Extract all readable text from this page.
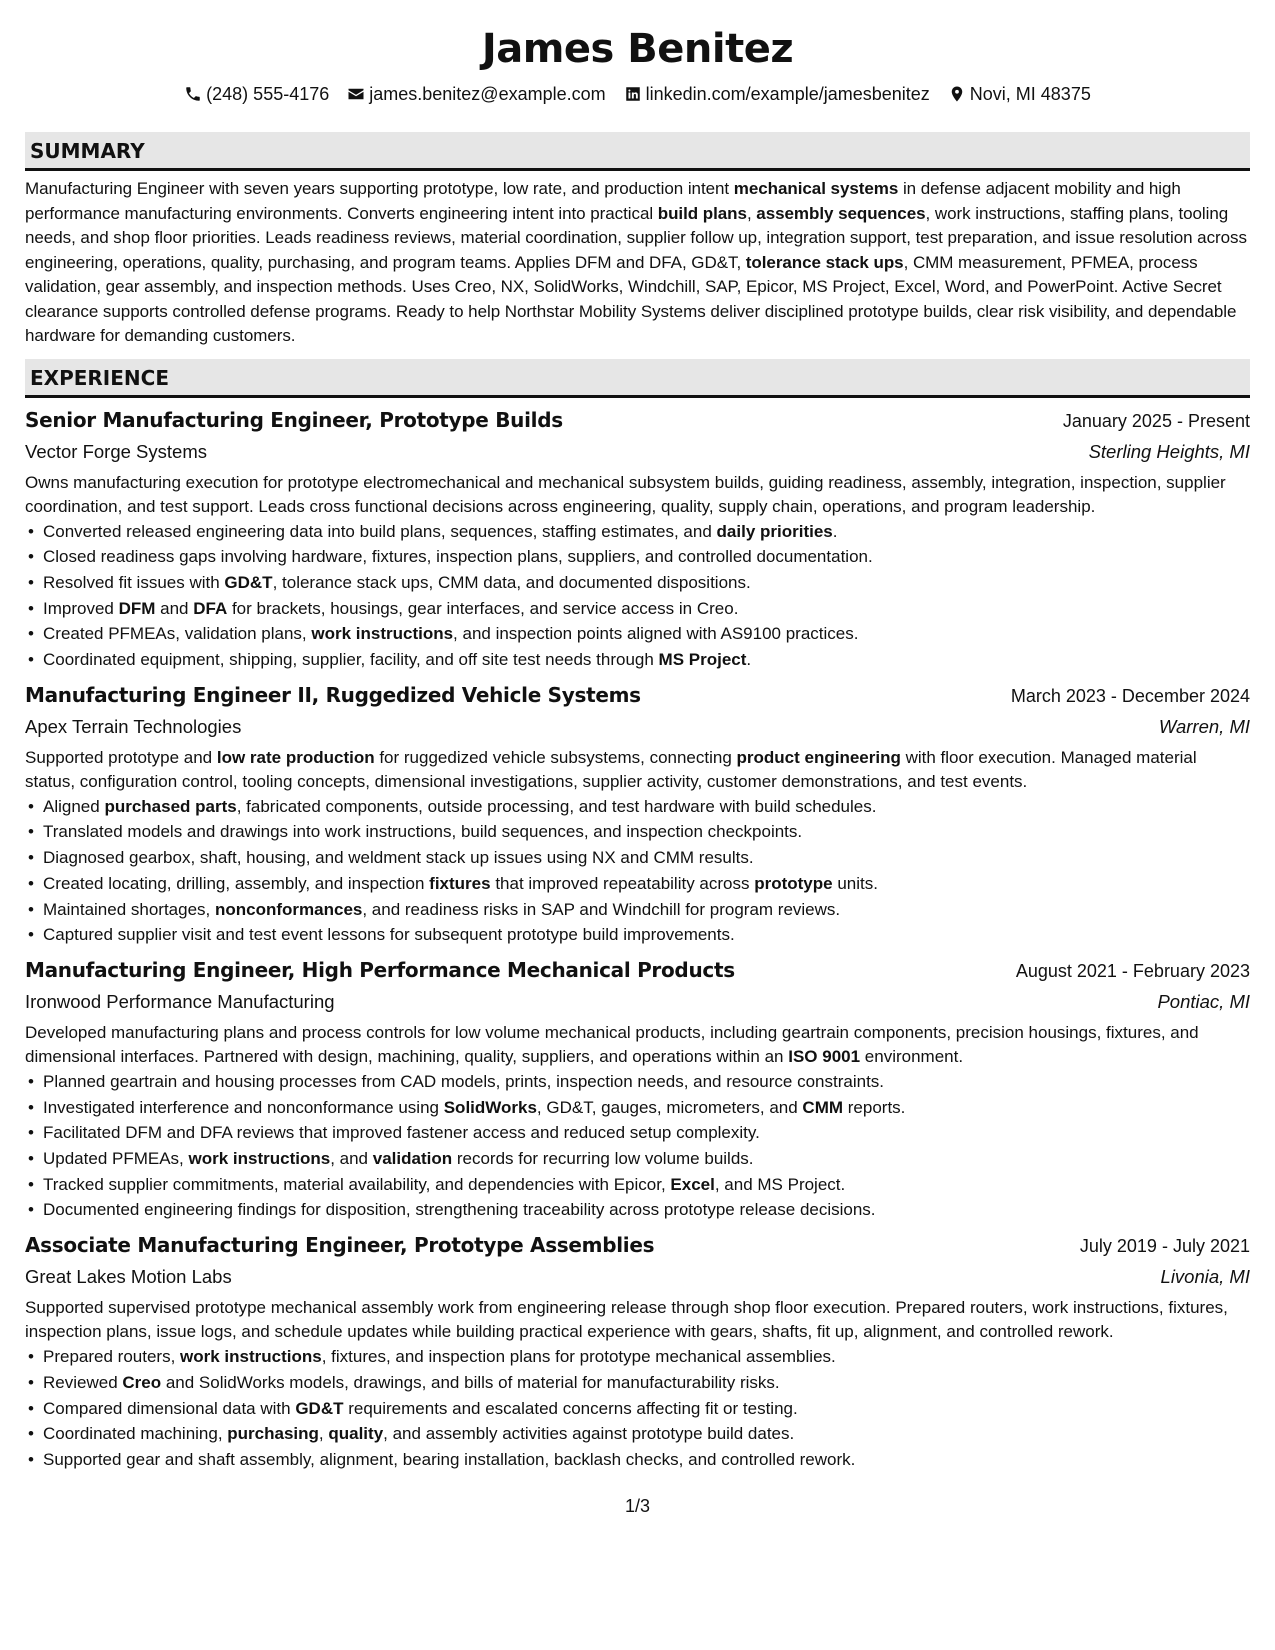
James Benitez
(248) 555-4176 james.benitez@example.com linkedin.com/example/jamesbenitez Novi, MI 48375
SUMMARY

Manufacturing Engineer with seven years supporting prototype, low rate, and production intent mechanical systems in defense adjacent mobility and high performance manufacturing environments. Converts engineering intent into practical build plans, assembly sequences, work instructions, staffing plans, tooling needs, and shop floor priorities. Leads readiness reviews, material coordination, supplier follow up, integration support, test preparation, and issue resolution across engineering, operations, quality, purchasing, and program teams. Applies DFM and DFA, GD&T, tolerance stack ups, CMM measurement, PFMEA, process validation, gear assembly, and inspection methods. Uses Creo, NX, SolidWorks, Windchill, SAP, Epicor, MS Project, Excel, Word, and PowerPoint. Active Secret clearance supports controlled defense programs. Ready to help Northstar Mobility Systems deliver disciplined prototype builds, clear risk visibility, and dependable hardware for demanding customers.

EXPERIENCE
Senior Manufacturing Engineer, Prototype Builds	January 2025 - Present
Vector Forge Systems	Sterling Heights, MI

Owns manufacturing execution for prototype electromechanical and mechanical subsystem builds, guiding readiness, assembly, integration, inspection, supplier coordination, and test support. Leads cross functional decisions across engineering, quality, supply chain, operations, and program leadership.

• Converted released engineering data into build plans, sequences, staffing estimates, and daily priorities.
• Closed readiness gaps involving hardware, fixtures, inspection plans, suppliers, and controlled documentation.
• Resolved fit issues with GD&T, tolerance stack ups, CMM data, and documented dispositions.
• Improved DFM and DFA for brackets, housings, gear interfaces, and service access in Creo.
• Created PFMEAs, validation plans, work instructions, and inspection points aligned with AS9100 practices.
• Coordinated equipment, shipping, supplier, facility, and off site test needs through MS Project.
Manufacturing Engineer II, Ruggedized Vehicle Systems	March 2023 - December 2024
Apex Terrain Technologies	Warren, MI

Supported prototype and low rate production for ruggedized vehicle subsystems, connecting product engineering with floor execution. Managed material status, configuration control, tooling concepts, dimensional investigations, supplier activity, customer demonstrations, and test events.

• Aligned purchased parts, fabricated components, outside processing, and test hardware with build schedules.
• Translated models and drawings into work instructions, build sequences, and inspection checkpoints.
• Diagnosed gearbox, shaft, housing, and weldment stack up issues using NX and CMM results.
• Created locating, drilling, assembly, and inspection fixtures that improved repeatability across prototype units.
• Maintained shortages, nonconformances, and readiness risks in SAP and Windchill for program reviews.
• Captured supplier visit and test event lessons for subsequent prototype build improvements.
Manufacturing Engineer, High Performance Mechanical Products	August 2021 - February 2023
Ironwood Performance Manufacturing	Pontiac, MI

Developed manufacturing plans and process controls for low volume mechanical products, including geartrain components, precision housings, fixtures, and dimensional interfaces. Partnered with design, machining, quality, suppliers, and operations within an ISO 9001 environment.

• Planned geartrain and housing processes from CAD models, prints, inspection needs, and resource constraints.
• Investigated interference and nonconformance using SolidWorks, GD&T, gauges, micrometers, and CMM reports.
• Facilitated DFM and DFA reviews that improved fastener access and reduced setup complexity.
• Updated PFMEAs, work instructions, and validation records for recurring low volume builds.
• Tracked supplier commitments, material availability, and dependencies with Epicor, Excel, and MS Project.
• Documented engineering findings for disposition, strengthening traceability across prototype release decisions.
Associate Manufacturing Engineer, Prototype Assemblies	July 2019 - July 2021
Great Lakes Motion Labs	Livonia, MI

Supported supervised prototype mechanical assembly work from engineering release through shop floor execution. Prepared routers, work instructions, fixtures, inspection plans, issue logs, and schedule updates while building practical experience with gears, shafts, fit up, alignment, and controlled rework.

• Prepared routers, work instructions, fixtures, and inspection plans for prototype mechanical assemblies.
• Reviewed Creo and SolidWorks models, drawings, and bills of material for manufacturability risks.
• Compared dimensional data with GD&T requirements and escalated concerns affecting fit or testing.
• Coordinated machining, purchasing, quality, and assembly activities against prototype build dates.
• Supported gear and shaft assembly, alignment, bearing installation, backlash checks, and controlled rework.
1/3
